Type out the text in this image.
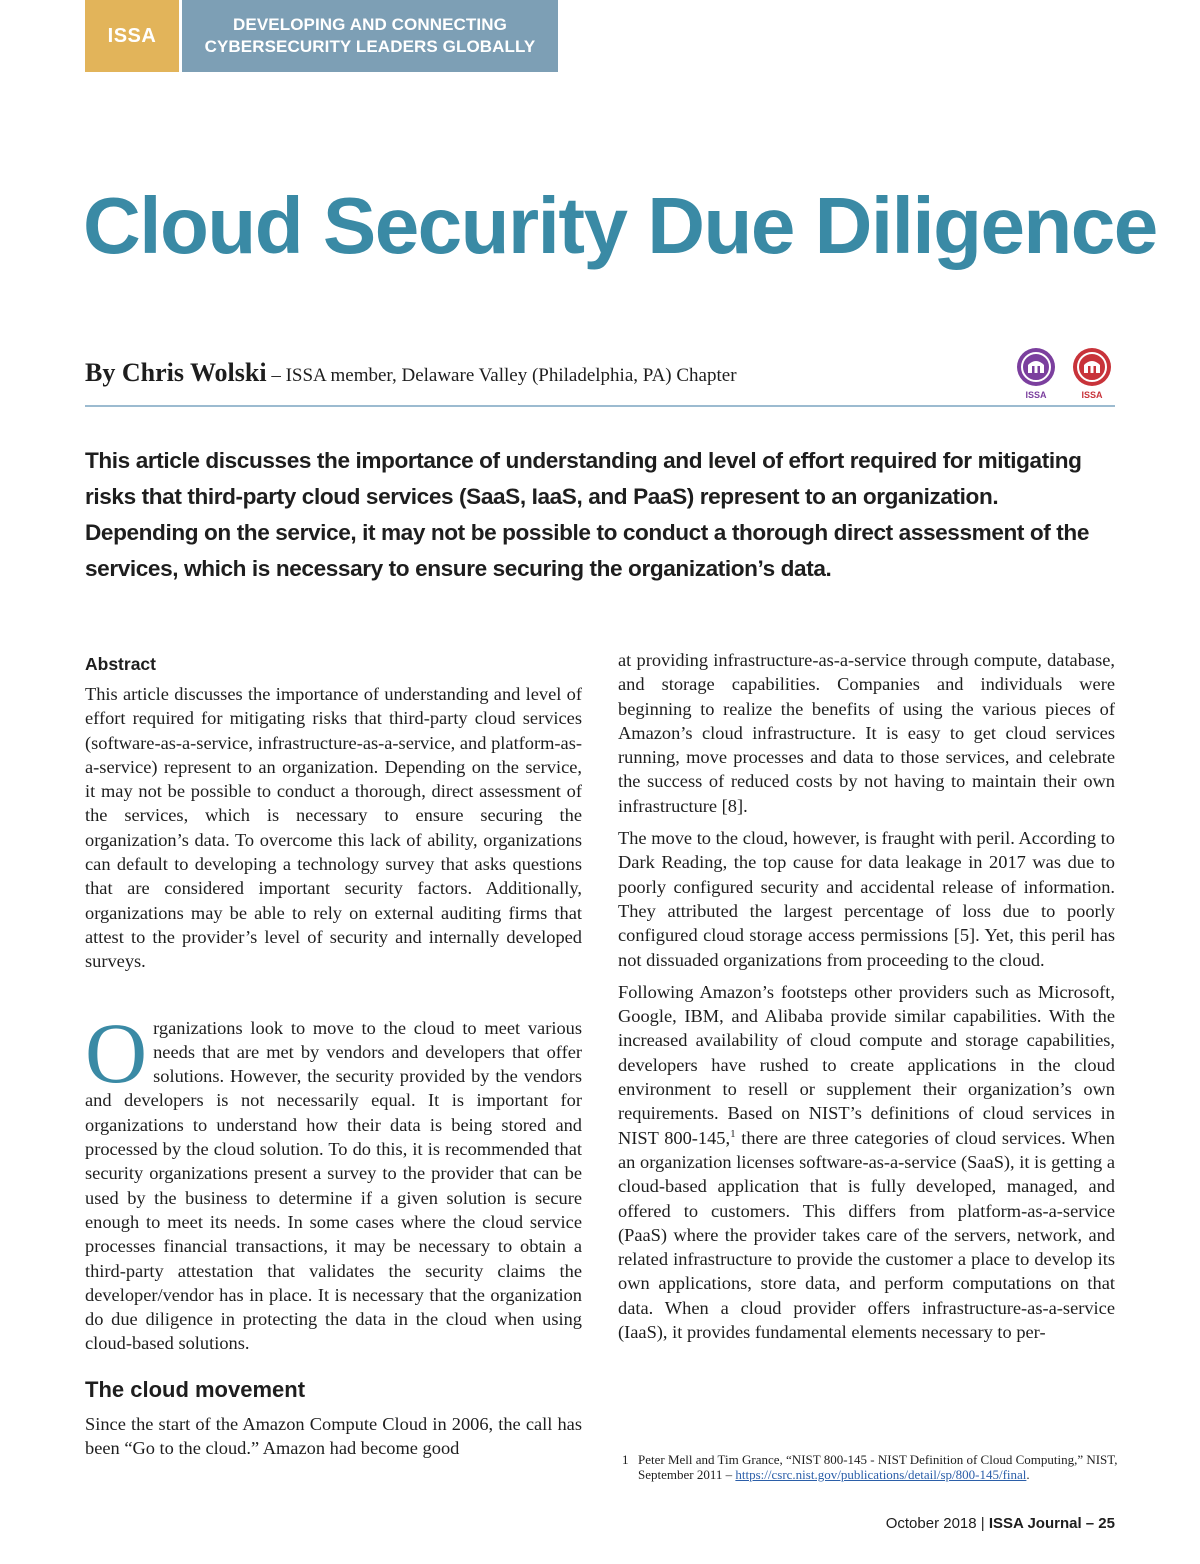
ISSA	DEVELOPING AND CONNECTING
CYBERSECURITY LEADERS GLOBALLY
Cloud Security Due Diligence
By Chris Wolski – ISSA member, Delaware Valley (Philadelphia, PA) Chapter
ISSA	ISSA

This article discusses the importance of understanding and level of effort required for mitigating risks that third-party cloud services (SaaS, IaaS, and PaaS) represent to an organization. Depending on the service, it may not be possible to conduct a thorough direct assessment of the services, which is necessary to ensure securing the organization’s data.

Abstract

This article discusses the importance of understanding and level of effort required for mitigating risks that third-party cloud services (software-as-a-service, infrastructure-as-a-service, and platform-as-a-service) represent to an organization. Depending on the service, it may not be possible to conduct a thorough, direct assessment of the services, which is necessary to ensure securing the organization’s data. To overcome this lack of ability, organizations can default to developing a technology survey that asks questions that are considered important security factors. Additionally, organizations may be able to rely on external auditing firms that attest to the provider’s level of security and internally developed surveys.

Organizations look to move to the cloud to meet various needs that are met by vendors and developers that offer solutions. However, the security provided by the vendors and developers is not necessarily equal. It is important for organizations to understand how their data is being stored and processed by the cloud solution. To do this, it is recommended that security organizations present a survey to the provider that can be used by the business to determine if a given solution is secure enough to meet its needs. In some cases where the cloud service processes financial transactions, it may be necessary to obtain a third-party attestation that validates the security claims the developer/vendor has in place. It is necessary that the organization do due diligence in protecting the data in the cloud when using cloud-based solutions.

The cloud movement

Since the start of the Amazon Compute Cloud in 2006, the call has been “Go to the cloud.” Amazon had become good

at providing infrastructure-as-a-service through compute, database, and storage capabilities. Companies and individuals were beginning to realize the benefits of using the various pieces of Amazon’s cloud infrastructure. It is easy to get cloud services running, move processes and data to those services, and celebrate the success of reduced costs by not having to maintain their own infrastructure [8].

The move to the cloud, however, is fraught with peril. According to Dark Reading, the top cause for data leakage in 2017 was due to poorly configured security and accidental release of information. They attributed the largest percentage of loss due to poorly configured cloud storage access permissions [5]. Yet, this peril has not dissuaded organizations from proceeding to the cloud.

Following Amazon’s footsteps other providers such as Microsoft, Google, IBM, and Alibaba provide similar capabilities. With the increased availability of cloud compute and storage capabilities, developers have rushed to create applications in the cloud environment to resell or supplement their organization’s own requirements. Based on NIST’s definitions of cloud services in NIST 800-145,$^1$ there are three categories of cloud services. When an organization licenses software-as-a-service (SaaS), it is getting a cloud-based application that is fully developed, managed, and offered to customers. This differs from platform-as-a-service (PaaS) where the provider takes care of the servers, network, and related infrastructure to provide the customer a place to develop its own applications, store data, and perform computations on that data. When a cloud provider offers infrastructure-as-a-service (IaaS), it provides fundamental elements necessary to per-

1 Peter Mell and Tim Grance, “NIST 800-145 - NIST Definition of Cloud Computing,” NIST, September 2011 – https://csrc.nist.gov/publications/detail/sp/800-145/final.
October 2018 | ISSA Journal – 25
